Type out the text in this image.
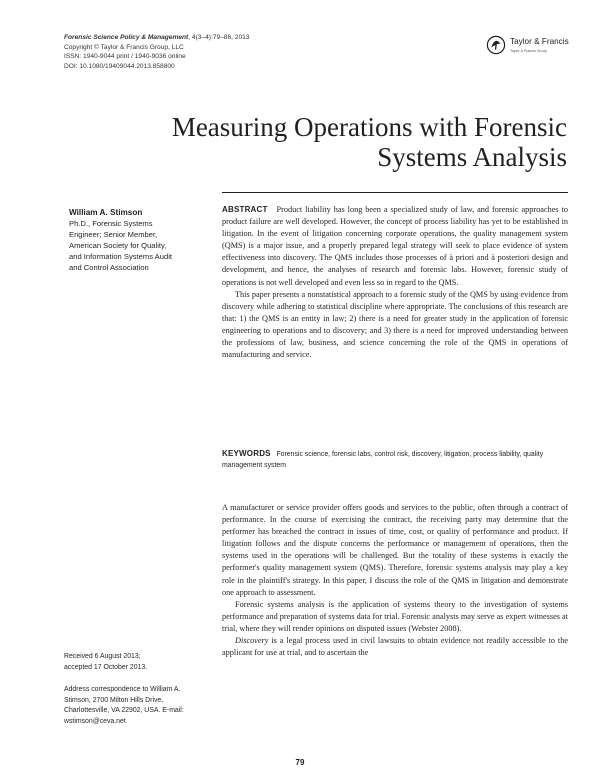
Forensic Science Policy & Management, 4(3–4):79–86, 2013
Copyright © Taylor & Francis Group, LLC
ISSN: 1940-9044 print / 1940-9036 online
DOI: 10.1080/19409044.2013.858800
Taylor & Francis
Taylor & Francis Group
Measuring Operations with Forensic
Systems Analysis
William A. Stimson
Ph.D., Forensic Systems
Engineer; Senior Member,
American Society for Quality,
and Information Systems Audit
and Control Association

ABSTRACT Product liability has long been a specialized study of law, and forensic approaches to product failure are well developed. However, the concept of process liability has yet to be established in litigation. In the event of litigation concerning corporate operations, the quality management system (QMS) is a major issue, and a properly prepared legal strategy will seek to place evidence of system effectiveness into discovery. The QMS includes those processes of à priori and à posteriori design and development, and hence, the analyses of research and forensic labs. However, forensic study of operations is not well developed and even less so in regard to the QMS.

This paper presents a nonstatistical approach to a forensic study of the QMS by using evidence from discovery while adhering to statistical discipline where appropriate. The conclusions of this research are that: 1) the QMS is an entity in law; 2) there is a need for greater study in the application of forensic engineering to operations and to discovery; and 3) there is a need for improved understanding between the professions of law, business, and science concerning the role of the QMS in operations of manufacturing and service.

KEYWORDS Forensic science, forensic labs, control risk, discovery, litigation, process liability, quality management system

A manufacturer or service provider offers goods and services to the public, often through a contract of performance. In the course of exercising the contract, the receiving party may determine that the performer has breached the contract in issues of time, cost, or quality of performance and product. If litigation follows and the dispute concerns the performance or management of operations, then the systems used in the operations will be challenged. But the totality of these systems is exactly the performer's quality management system (QMS). Therefore, forensic systems analysis may play a key role in the plaintiff's strategy. In this paper, I discuss the role of the QMS in litigation and demonstrate one approach to assessment.

Forensic systems analysis is the application of systems theory to the investigation of systems performance and preparation of systems data for trial. Forensic analysts may serve as expert witnesses at trial, where they will render opinions on disputed issues (Webster 2008).

Discovery is a legal process used in civil lawsuits to obtain evidence not readily accessible to the applicant for use at trial, and to ascertain the

Received 6 August 2013;
accepted 17 October 2013.
Address correspondence to William A. Stimson, 2700 Milton Hills Drive, Charlottesville, VA 22902, USA. E-mail: wstimson@ceva.net
79
